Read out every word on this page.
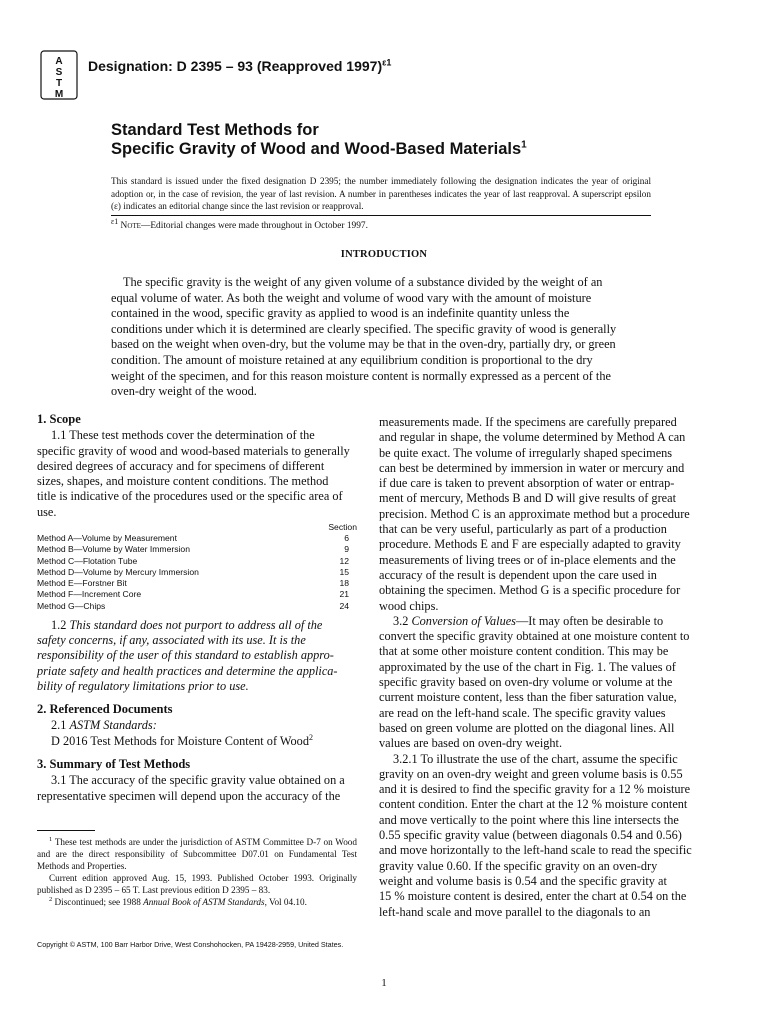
A
S
T
M
Designation: D 2395 – 93 (Reapproved 1997)$^{\varepsilon 1}$
Standard Test Methods for
Specific Gravity of Wood and Wood-Based Materials$^1$
This standard is issued under the fixed designation D 2395; the number immediately following the designation indicates the year of original adoption or, in the case of revision, the year of last revision. A number in parentheses indicates the year of last reapproval. A superscript epsilon (ε) indicates an editorial change since the last revision or reapproval.
$^{\varepsilon 1}$ Note—Editorial changes were made throughout in October 1997.
INTRODUCTION
The specific gravity is the weight of any given volume of a substance divided by the weight of an
equal volume of water. As both the weight and volume of wood vary with the amount of moisture
contained in the wood, specific gravity as applied to wood is an indefinite quantity unless the
conditions under which it is determined are clearly specified. The specific gravity of wood is generally
based on the weight when oven-dry, but the volume may be that in the oven-dry, partially dry, or green
condition. The amount of moisture retained at any equilibrium condition is proportional to the dry
weight of the specimen, and for this reason moisture content is normally expressed as a percent of the
oven-dry weight of the wood.
1. Scope
1.1 These test methods cover the determination of the
specific gravity of wood and wood-based materials to generally
desired degrees of accuracy and for specimens of different
sizes, shapes, and moisture content conditions. The method
title is indicative of the procedures used or the specific area of
use.
	Section
Method A—Volume by Measurement	6
Method B—Volume by Water Immersion	9
Method C—Flotation Tube	12
Method D—Volume by Mercury Immersion	15
Method E—Forstner Bit	18
Method F—Increment Core	21
Method G—Chips	24
1.2 This standard does not purport to address all of the
safety concerns, if any, associated with its use. It is the
responsibility of the user of this standard to establish appro-
priate safety and health practices and determine the applica-
bility of regulatory limitations prior to use.
2. Referenced Documents
2.1 ASTM Standards:
D 2016 Test Methods for Moisture Content of Wood$^2$
3. Summary of Test Methods
3.1 The accuracy of the specific gravity value obtained on a
representative specimen will depend upon the accuracy of the
measurements made. If the specimens are carefully prepared
and regular in shape, the volume determined by Method A can
be quite exact. The volume of irregularly shaped specimens
can best be determined by immersion in water or mercury and
if due care is taken to prevent absorption of water or entrap-
ment of mercury, Methods B and D will give results of great
precision. Method C is an approximate method but a procedure
that can be very useful, particularly as part of a production
procedure. Methods E and F are especially adapted to gravity
measurements of living trees or of in-place elements and the
accuracy of the result is dependent upon the care used in
obtaining the specimen. Method G is a specific procedure for
wood chips.
3.2 Conversion of Values—It may often be desirable to
convert the specific gravity obtained at one moisture content to
that at some other moisture content condition. This may be
approximated by the use of the chart in Fig. 1. The values of
specific gravity based on oven-dry volume or volume at the
current moisture content, less than the fiber saturation value,
are read on the left-hand scale. The specific gravity values
based on green volume are plotted on the diagonal lines. All
values are based on oven-dry weight.
3.2.1 To illustrate the use of the chart, assume the specific
gravity on an oven-dry weight and green volume basis is 0.55
and it is desired to find the specific gravity for a 12 % moisture
content condition. Enter the chart at the 12 % moisture content
and move vertically to the point where this line intersects the
0.55 specific gravity value (between diagonals 0.54 and 0.56)
and move horizontally to the left-hand scale to read the specific
gravity value 0.60. If the specific gravity on an oven-dry
weight and volume basis is 0.54 and the specific gravity at
15 % moisture content is desired, enter the chart at 0.54 on the
left-hand scale and move parallel to the diagonals to an

$^1$ These test methods are under the jurisdiction of ASTM Committee D-7 on Wood and are the direct responsibility of Subcommittee D07.01 on Fundamental Test Methods and Properties.

Current edition approved Aug. 15, 1993. Published October 1993. Originally published as D 2395 – 65 T. Last previous edition D 2395 – 83.

$^2$ Discontinued; see 1988 Annual Book of ASTM Standards, Vol 04.10.

Copyright © ASTM, 100 Barr Harbor Drive, West Conshohocken, PA 19428-2959, United States.
1
